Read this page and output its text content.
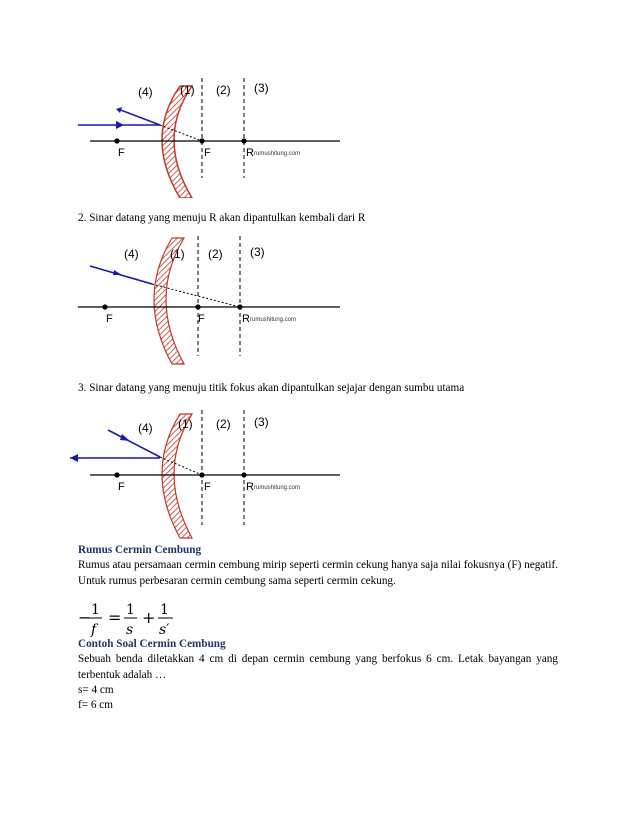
(4) (1) (2) (3)
F	F	R rumushitung.com
2. Sinar datang yang menuju R akan dipantulkan kembali dari R
(4)	(1) (2) (3)
F	F	R rumushitung.com
3. Sinar datang yang menuju titik fokus akan dipantulkan sejajar dengan sumbu utama
(4) (1) (2) (3)
F	F	R rumushitung.com
Rumus Cermin Cembung
Rumus atau persamaan cermin cembung mirip seperti cermin cekung hanya saja nilai fokusnya (F) negatif. Untuk rumus perbesaran cermin cembung sama seperti cermin cekung.
− 1
f
= 1
s
+ 1
s′
Contoh Soal Cermin Cembung
Sebuah benda diletakkan 4 cm di depan cermin cembung yang berfokus 6 cm. Letak bayangan yang terbentuk adalah …
s= 4 cm
f= 6 cm
